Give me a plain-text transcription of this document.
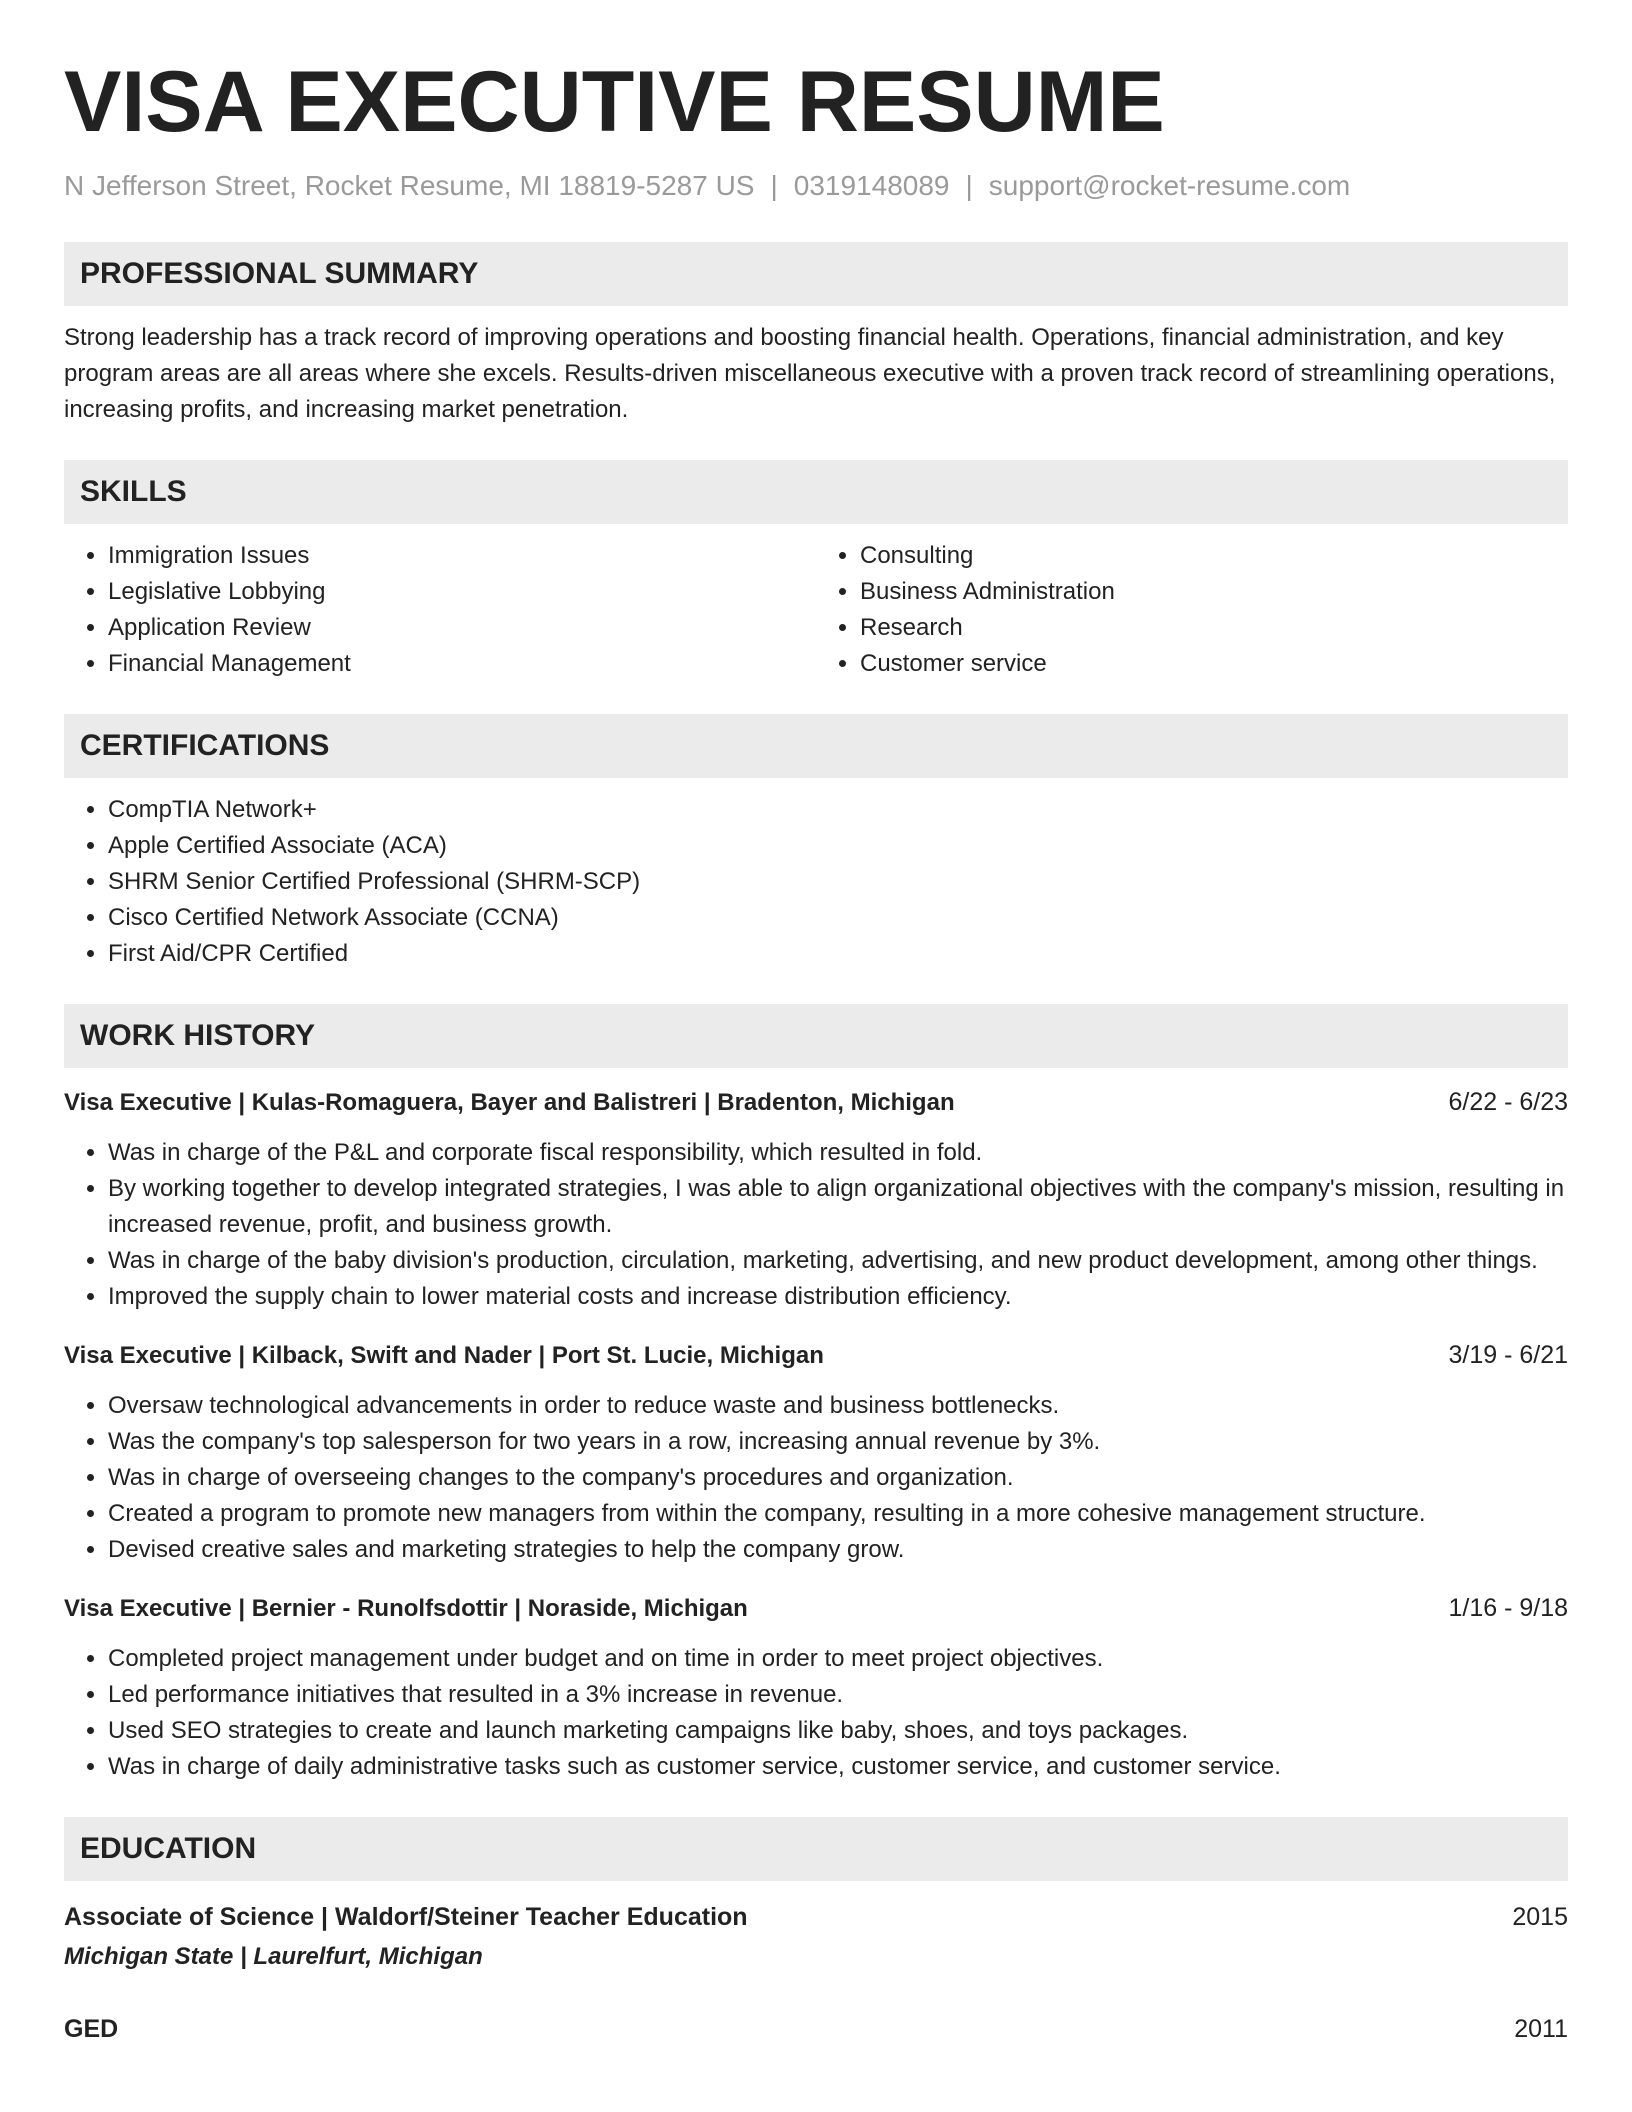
VISA EXECUTIVE RESUME
N Jefferson Street, Rocket Resume, MI 18819-5287 US | 0319148089 | support@rocket-resume.com
PROFESSIONAL SUMMARY
Strong leadership has a track record of improving operations and boosting financial health. Operations, financial administration, and key program areas are all areas where she excels. Results-driven miscellaneous executive with a proven track record of streamlining operations, increasing profits, and increasing market penetration.
SKILLS
• Immigration Issues
• Legislative Lobbying
• Application Review
• Financial Management
• Consulting
• Business Administration
• Research
• Customer service
CERTIFICATIONS
• CompTIA Network+
• Apple Certified Associate (ACA)
• SHRM Senior Certified Professional (SHRM-SCP)
• Cisco Certified Network Associate (CCNA)
• First Aid/CPR Certified
WORK HISTORY
Visa Executive | Kulas-Romaguera, Bayer and Balistreri | Bradenton, Michigan	6/22 - 6/23
• Was in charge of the P&L and corporate fiscal responsibility, which resulted in fold.
• By working together to develop integrated strategies, I was able to align organizational objectives with the company's mission, resulting in increased revenue, profit, and business growth.
• Was in charge of the baby division's production, circulation, marketing, advertising, and new product development, among other things.
• Improved the supply chain to lower material costs and increase distribution efficiency.
Visa Executive | Kilback, Swift and Nader | Port St. Lucie, Michigan	3/19 - 6/21
• Oversaw technological advancements in order to reduce waste and business bottlenecks.
• Was the company's top salesperson for two years in a row, increasing annual revenue by 3%.
• Was in charge of overseeing changes to the company's procedures and organization.
• Created a program to promote new managers from within the company, resulting in a more cohesive management structure.
• Devised creative sales and marketing strategies to help the company grow.
Visa Executive | Bernier - Runolfsdottir | Noraside, Michigan	1/16 - 9/18
• Completed project management under budget and on time in order to meet project objectives.
• Led performance initiatives that resulted in a 3% increase in revenue.
• Used SEO strategies to create and launch marketing campaigns like baby, shoes, and toys packages.
• Was in charge of daily administrative tasks such as customer service, customer service, and customer service.
EDUCATION
Associate of Science | Waldorf/Steiner Teacher Education	2015
Michigan State | Laurelfurt, Michigan
GED	2011
